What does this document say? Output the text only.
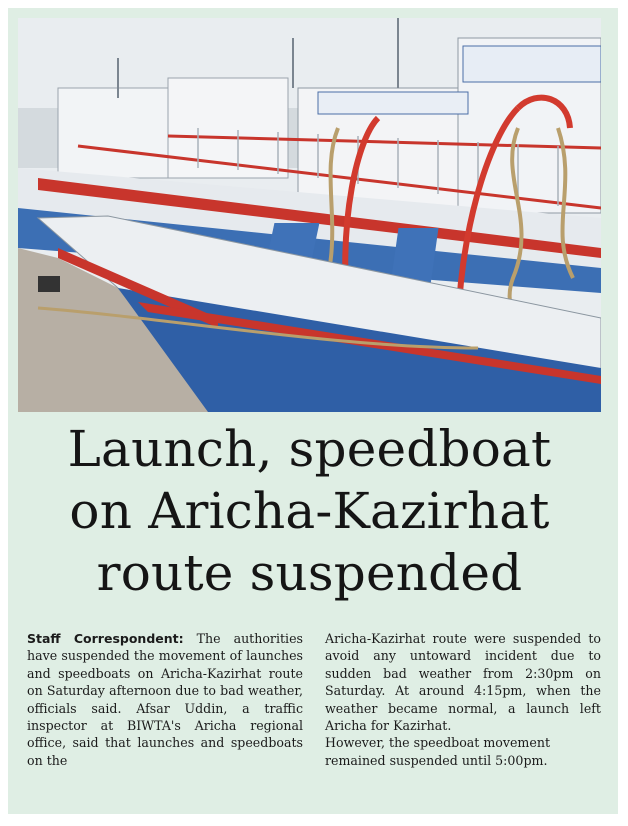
Launch, speedboat
on Aricha-Kazirhat
route suspended

Staff Correspondent: The authorities have suspended the movement of launches and speedboats on Aricha-Kazirhat route on Saturday afternoon due to bad weather, officials said. Afsar Uddin, a traffic inspector at BIWTA's Aricha regional office, said that launches and speedboats on the

Aricha-Kazirhat route were suspended to avoid any untoward incident due to sudden bad weather from 2:30pm on Saturday. At around 4:15pm, when the weather became normal, a launch left Aricha for Kazirhat.

However, the speedboat movement remained suspended until 5:00pm.
